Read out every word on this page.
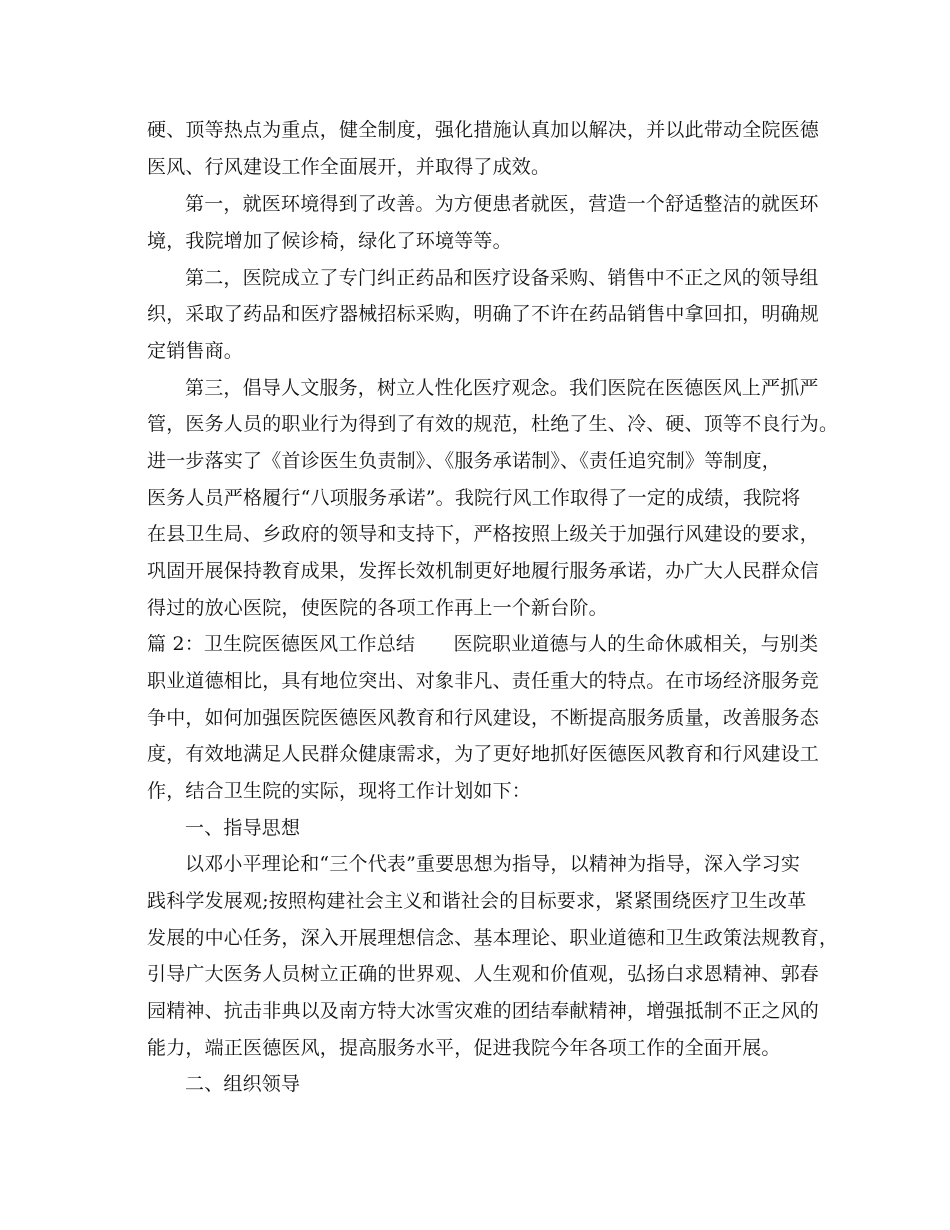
硬、顶等热点为重点，健全制度，强化措施认真加以解决，并以此带动全院医德
医风、行风建设工作全面展开，并取得了成效。
第一，就医环境得到了改善。为方便患者就医，营造一个舒适整洁的就医环
境，我院增加了候诊椅，绿化了环境等等。
第二，医院成立了专门纠正药品和医疗设备采购、销售中不正之风的领导组
织，采取了药品和医疗器械招标采购，明确了不许在药品销售中拿回扣，明确规
定销售商。
第三，倡导人文服务，树立人性化医疗观念。我们医院在医德医风上严抓严
管，医务人员的职业行为得到了有效的规范，杜绝了生、冷、硬、顶等不良行为。
进一步落实了《首诊医生负责制》、《服务承诺制》、《责任追究制》等制度，
医务人员严格履行“八项服务承诺”。我院行风工作取得了一定的成绩，我院将
在县卫生局、乡政府的领导和支持下，严格按照上级关于加强行风建设的要求，
巩固开展保持教育成果，发挥长效机制更好地履行服务承诺，办广大人民群众信
得过的放心医院，使医院的各项工作再上一个新台阶。
篇 2：卫生院医德医风工作总结　　医院职业道德与人的生命休戚相关，与别类
职业道德相比，具有地位突出、对象非凡、责任重大的特点。在市场经济服务竞
争中，如何加强医院医德医风教育和行风建设，不断提高服务质量，改善服务态
度，有效地满足人民群众健康需求，为了更好地抓好医德医风教育和行风建设工
作，结合卫生院的实际，现将工作计划如下：
一、指导思想
以邓小平理论和“三个代表”重要思想为指导，以精神为指导，深入学习实
践科学发展观;按照构建社会主义和谐社会的目标要求，紧紧围绕医疗卫生改革
发展的中心任务，深入开展理想信念、基本理论、职业道德和卫生政策法规教育，
引导广大医务人员树立正确的世界观、人生观和价值观，弘扬白求恩精神、郭春
园精神、抗击非典以及南方特大冰雪灾难的团结奉献精神，增强抵制不正之风的
能力，端正医德医风，提高服务水平，促进我院今年各项工作的全面开展。
二、组织领导
